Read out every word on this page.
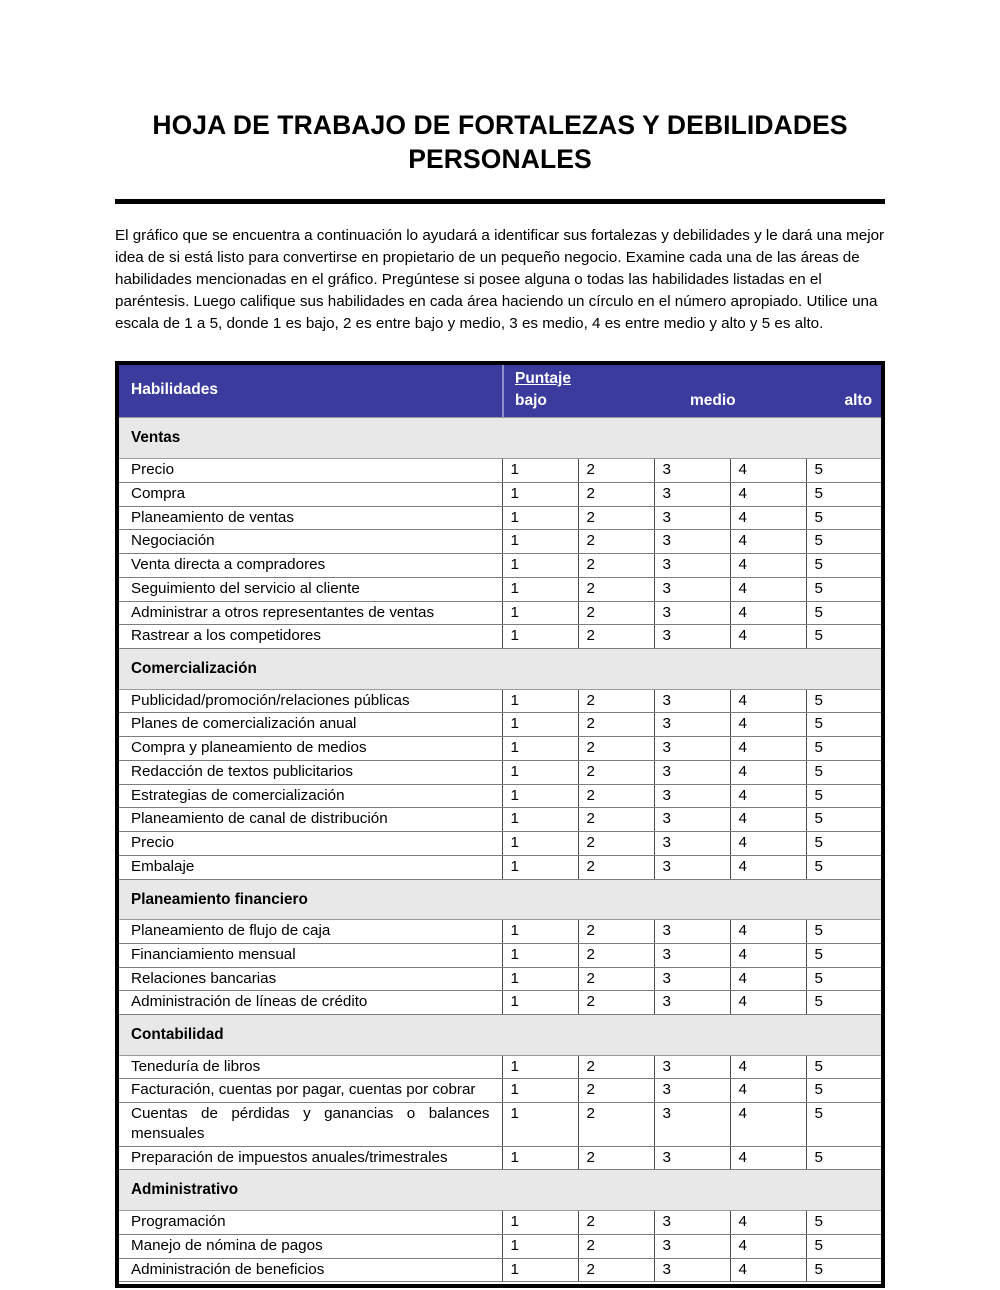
HOJA DE TRABAJO DE FORTALEZAS Y DEBILIDADES PERSONALES

El gráfico que se encuentra a continuación lo ayudará a identificar sus fortalezas y debilidades y le dará una mejor idea de si está listo para convertirse en propietario de un pequeño negocio. Examine cada una de las áreas de habilidades mencionadas en el gráfico. Pregúntese si posee alguna o todas las habilidades listadas en el paréntesis. Luego califique sus habilidades en cada área haciendo un círculo en el número apropiado. Utilice una escala de 1 a 5, donde 1 es bajo, 2 es entre bajo y medio, 3 es medio, 4 es entre medio y alto y 5 es alto.

Habilidades	Puntaje
bajo medio alto				

Ventas					
Precio	1	2	3	4	5
Compra	1	2	3	4	5
Planeamiento de ventas	1	2	3	4	5
Negociación	1	2	3	4	5
Venta directa a compradores	1	2	3	4	5
Seguimiento del servicio al cliente	1	2	3	4	5
Administrar a otros representantes de ventas	1	2	3	4	5
Rastrear a los competidores	1	2	3	4	5
Comercialización					
Publicidad/promoción/relaciones públicas	1	2	3	4	5
Planes de comercialización anual	1	2	3	4	5
Compra y planeamiento de medios	1	2	3	4	5
Redacción de textos publicitarios	1	2	3	4	5
Estrategias de comercialización	1	2	3	4	5
Planeamiento de canal de distribución	1	2	3	4	5
Precio	1	2	3	4	5
Embalaje	1	2	3	4	5
Planeamiento financiero					
Planeamiento de flujo de caja	1	2	3	4	5
Financiamiento mensual	1	2	3	4	5
Relaciones bancarias	1	2	3	4	5
Administración de líneas de crédito	1	2	3	4	5
Contabilidad					
Teneduría de libros	1	2	3	4	5
Facturación, cuentas por pagar, cuentas por cobrar	1	2	3	4	5
Cuentas de pérdidas y ganancias o balances mensuales	1	2	3	4	5
Preparación de impuestos anuales/trimestrales	1	2	3	4	5
Administrativo					
Programación	1	2	3	4	5
Manejo de nómina de pagos	1	2	3	4	5
Administración de beneficios	1	2	3	4	5
